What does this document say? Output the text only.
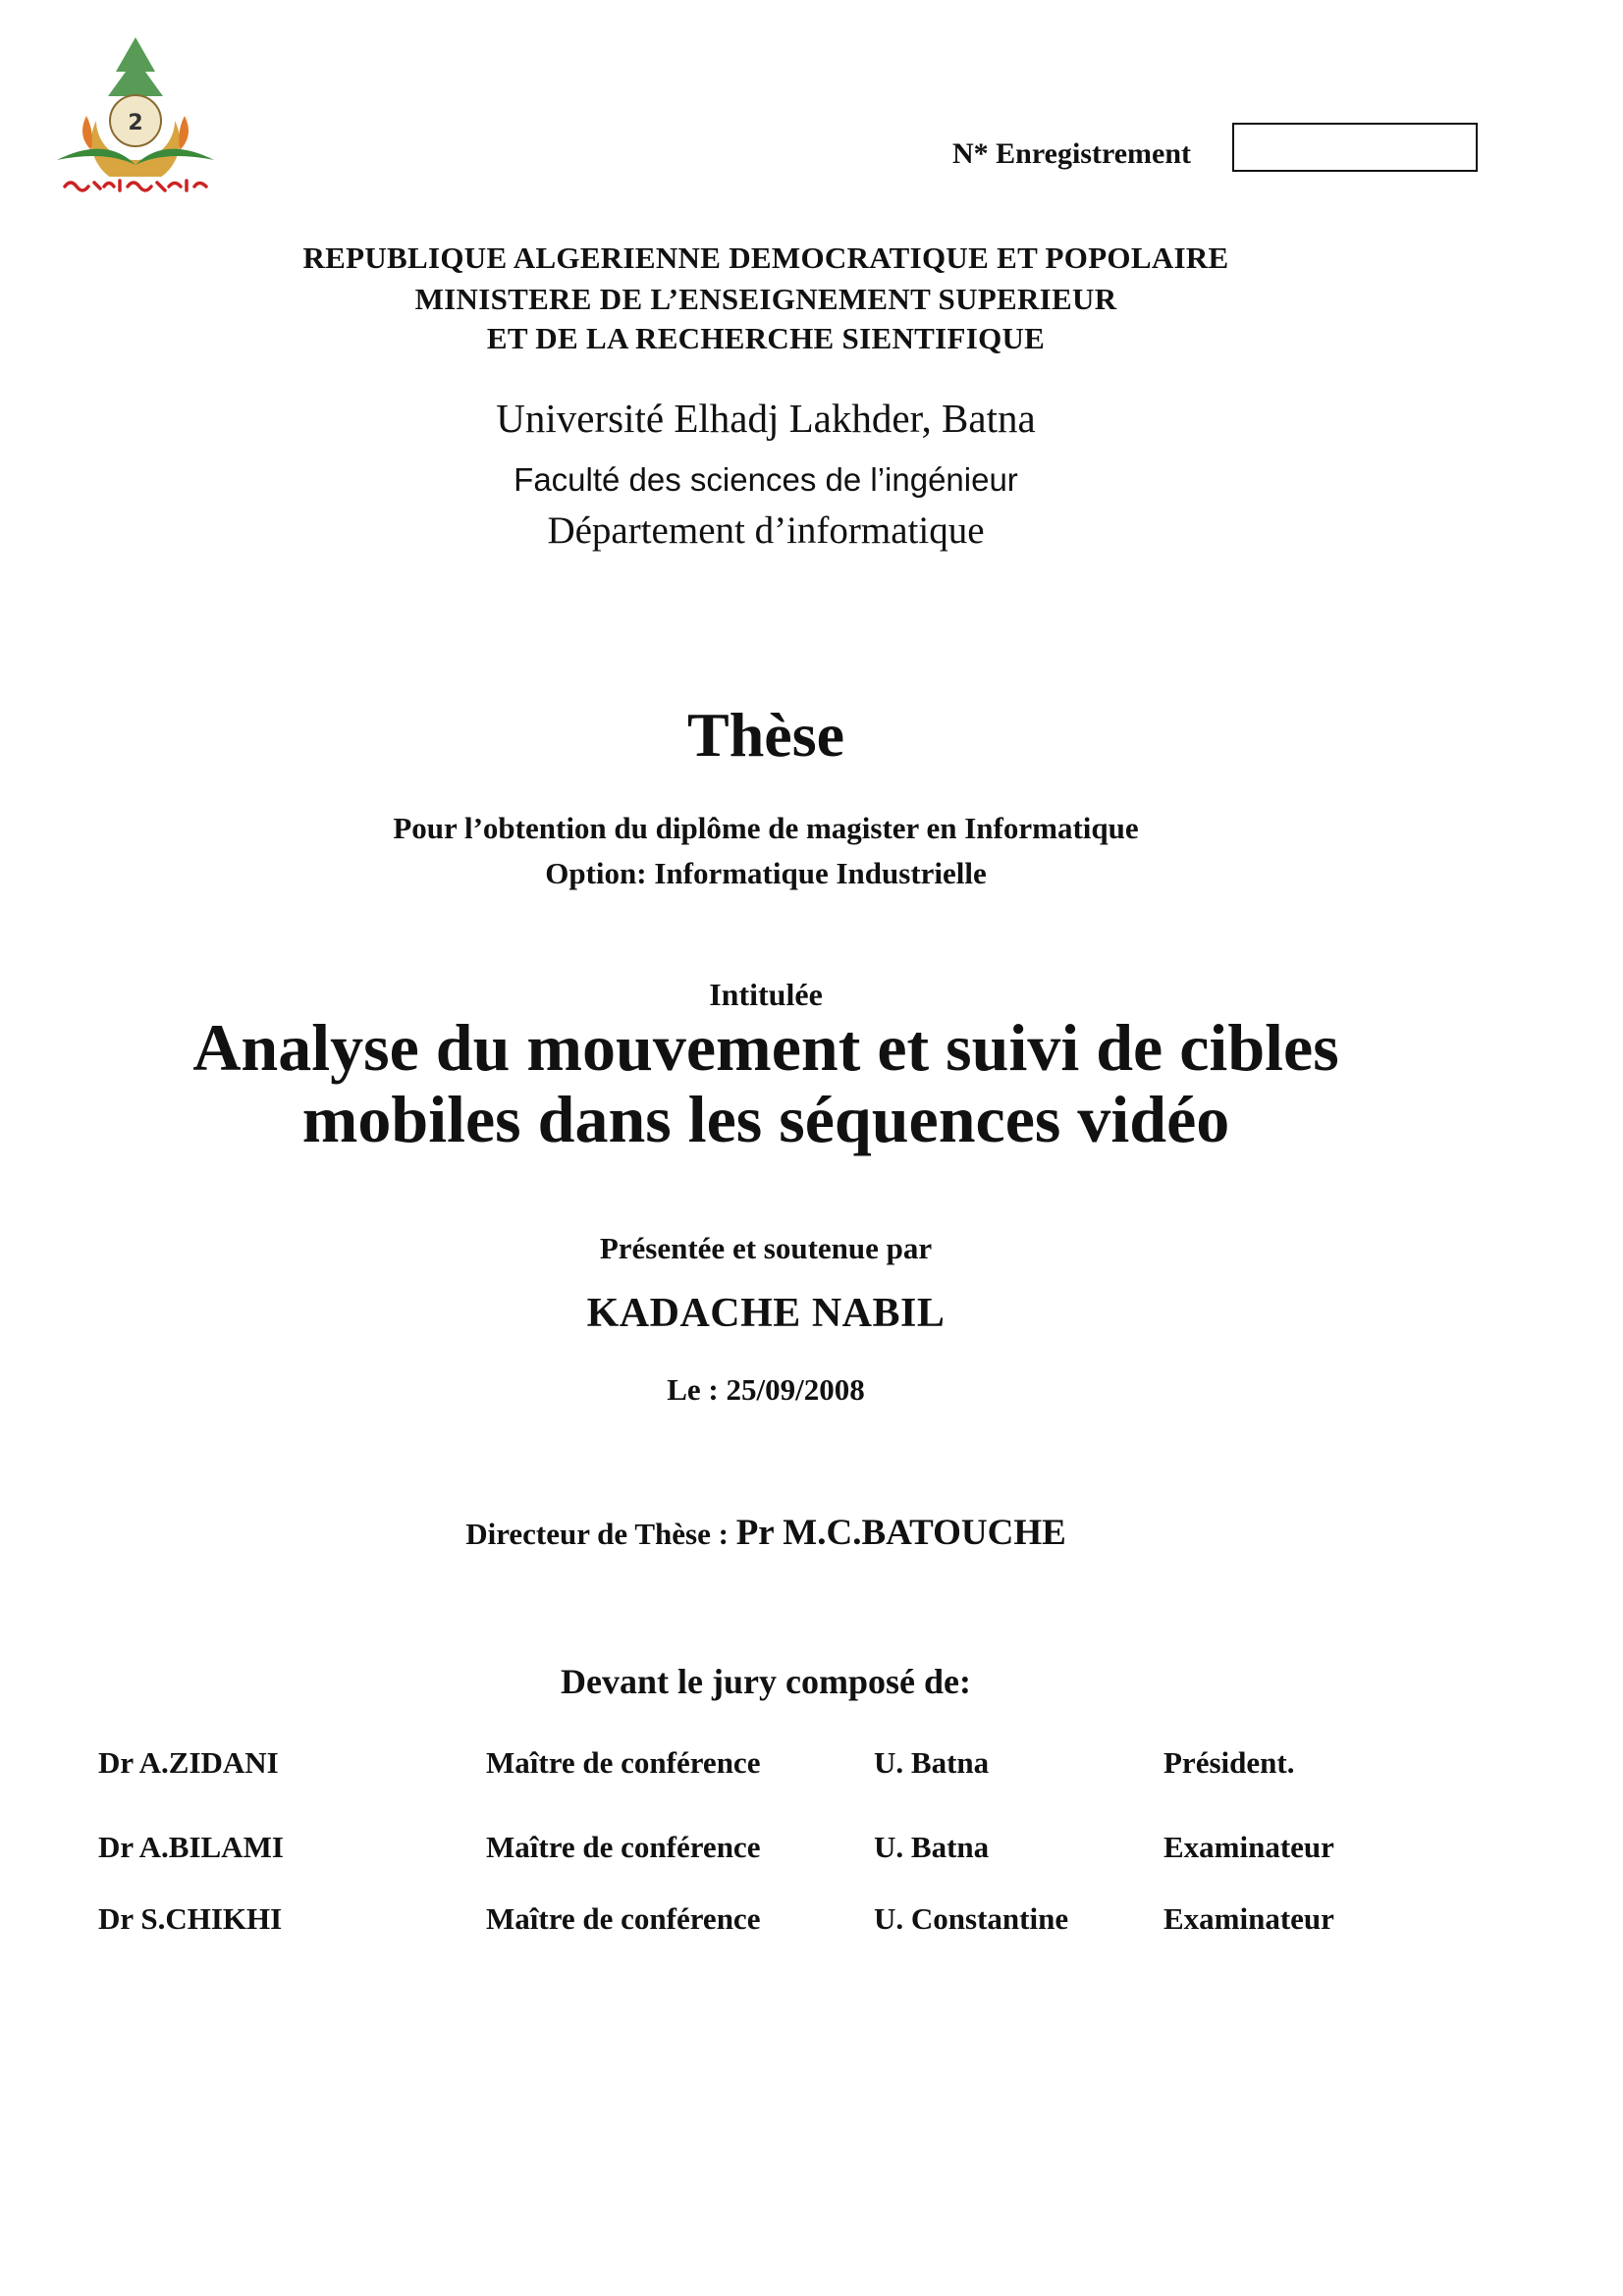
2
N* Enregistrement
REPUBLIQUE ALGERIENNE DEMOCRATIQUE ET POPOLAIRE
MINISTERE DE L’ENSEIGNEMENT SUPERIEUR
ET DE LA RECHERCHE SIENTIFIQUE
Université Elhadj Lakhder, Batna
Faculté des sciences de l’ingénieur
Département d’informatique
Thèse
Pour l’obtention du diplôme de magister en Informatique
Option: Informatique Industrielle
Intitulée
Analyse du mouvement et suivi de cibles
mobiles dans les séquences vidéo
Présentée et soutenue par
KADACHE NABIL
Le : 25/09/2008
Directeur de Thèse : Pr M.C.BATOUCHE
Devant le jury composé de:
Dr A.ZIDANI	Maître de conférence	U. Batna	Président.
Dr A.BILAMI	Maître de conférence	U. Batna	Examinateur
Dr S.CHIKHI	Maître de conférence	U. Constantine	Examinateur
